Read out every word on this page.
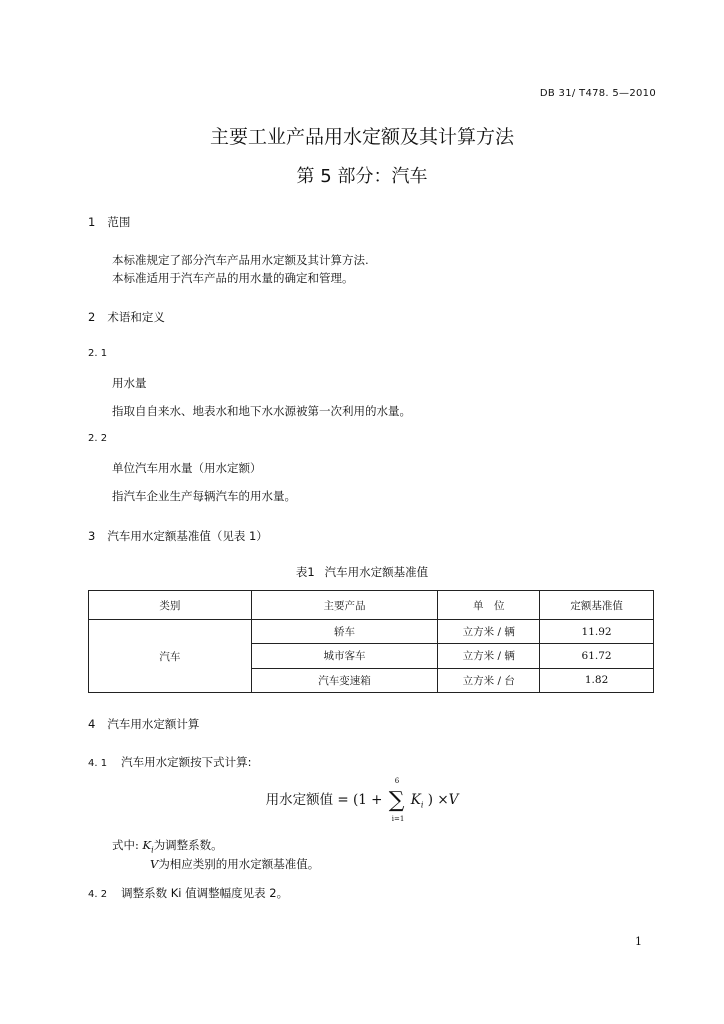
DB 31/ T478. 5—2010
主要工业产品用水定额及其计算方法
第 5 部分：汽车
1 范围
本标准规定了部分汽车产品用水定额及其计算方法.
本标准适用于汽车产品的用水量的确定和管理。
2 术语和定义
2. 1
用水量
指取自自来水、地表水和地下水水源被第一次利用的水量。
2. 2
单位汽车用水量（用水定额）
指汽车企业生产每辆汽车的用水量。
3 汽车用水定额基准值（见表 1）
表1 汽车用水定额基准值
类别	主要产品	单　位	定额基准值
汽车	轿车	立方米 / 辆	11.92
	城市客车	立方米 / 辆	61.72
	汽车变速箱	立方米 / 台	1.82
4 汽车用水定额计算
4. 1 汽车用水定额按下式计算:
用水定额值 = (1 + ∑
6
i=1
$K_i$ ) ×V
式中: $K_i$为调整系数。
V为相应类别的用水定额基准值。
4. 2 调整系数 Ki 值调整幅度见表 2。
1
